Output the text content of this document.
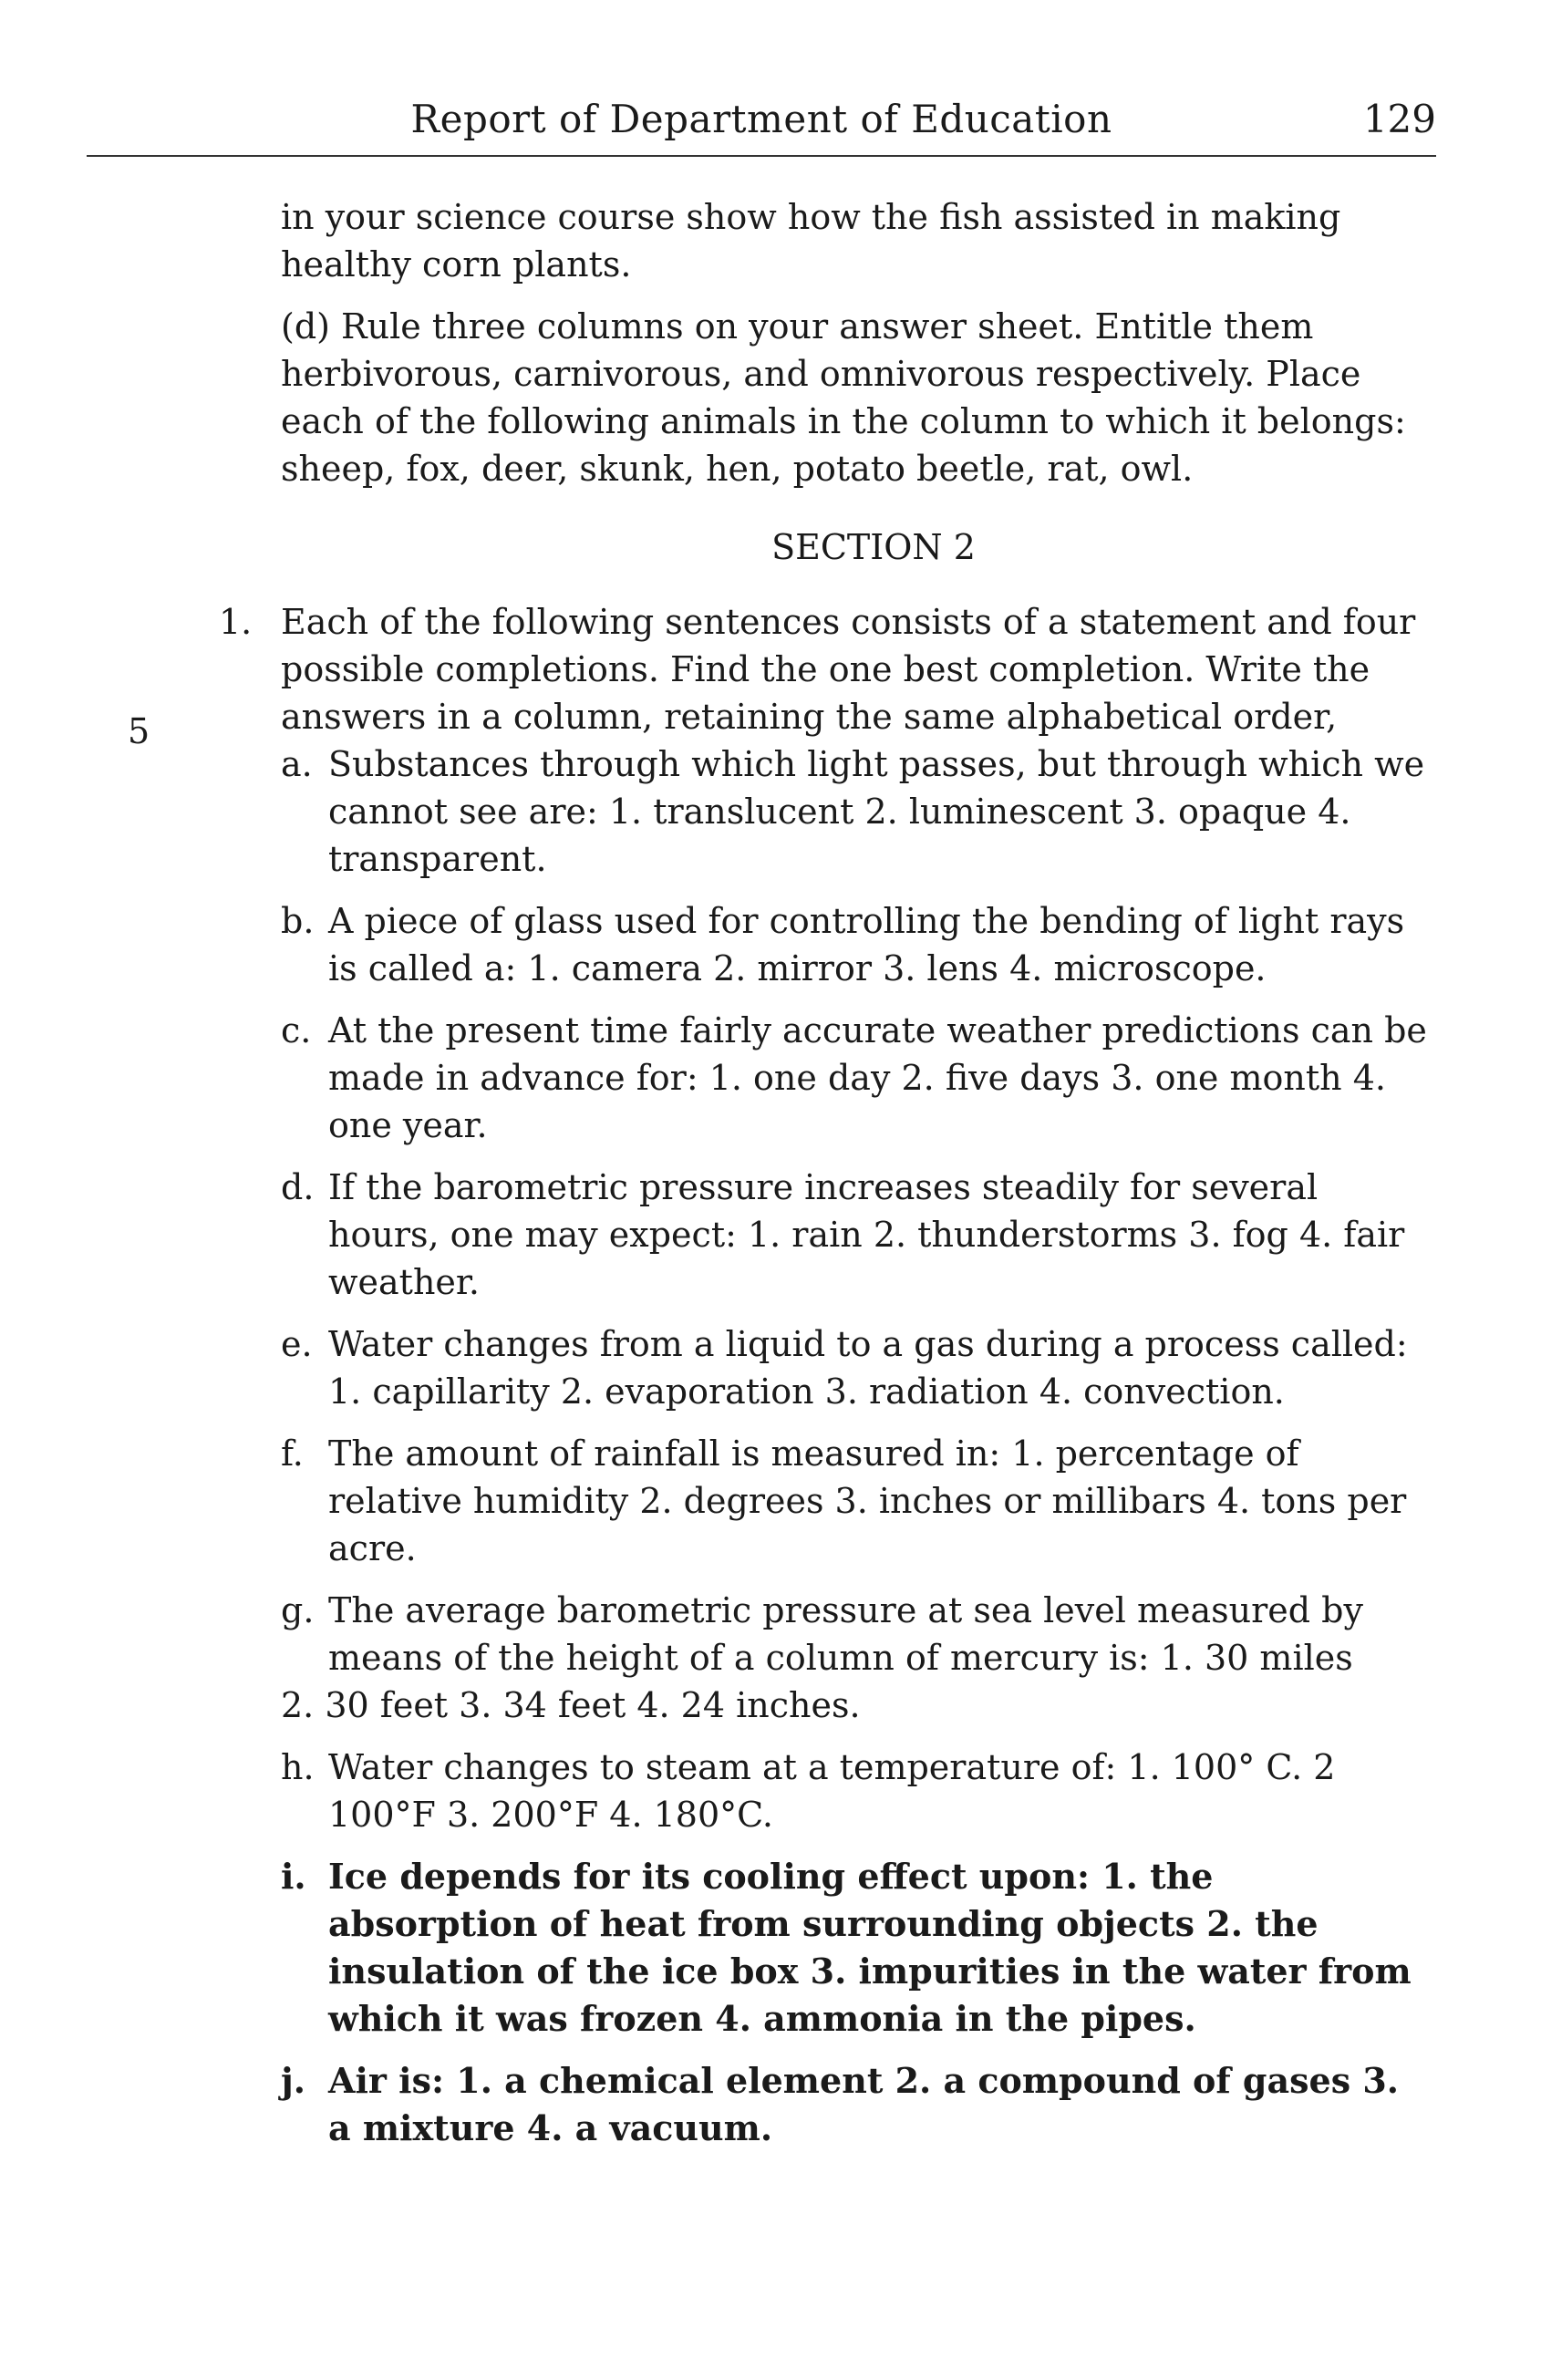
Report of Department of Education	129
5

in your science course show how the fish assisted in making healthy corn plants.

(d) Rule three columns on your answer sheet. Entitle them herbivorous, carnivorous, and omnivorous respectively. Place each of the following animals in the column to which it belongs: sheep, fox, deer, skunk, hen, potato beetle, rat, owl.

SECTION 2
1. Each of the following sentences consists of a statement and four possible completions. Find the one best completion. Write the answers in a column, retaining the same alphabetical order,

a. Substances through which light passes, but through which we cannot see are: 1. translucent 2. luminescent 3. opaque 4. transparent.
b. A piece of glass used for controlling the bending of light rays is called a: 1. camera 2. mirror 3. lens 4. microscope.
c. At the present time fairly accurate weather predictions can be made in advance for: 1. one day 2. five days 3. one month 4. one year.
d. If the barometric pressure increases steadily for several hours, one may expect: 1. rain 2. thunderstorms 3. fog 4. fair weather.
e. Water changes from a liquid to a gas during a process called: 1. capillarity 2. evaporation 3. radiation 4. convection.
f. The amount of rainfall is measured in: 1. percentage of relative humidity 2. degrees 3. inches or millibars 4. tons per acre.
g. The average barometric pressure at sea level measured by means of the height of a column of mercury is: 1. 30 miles
2. 30 feet 3. 34 feet 4. 24 inches.
h. Water changes to steam at a temperature of: 1. 100° C. 2 100°F 3. 200°F 4. 180°C.
i. Ice depends for its cooling effect upon: 1. the absorption of heat from surrounding objects 2. the insulation of the ice box 3. impurities in the water from which it was frozen 4. ammonia in the pipes.
j. Air is: 1. a chemical element 2. a compound of gases 3. a mixture 4. a vacuum.
